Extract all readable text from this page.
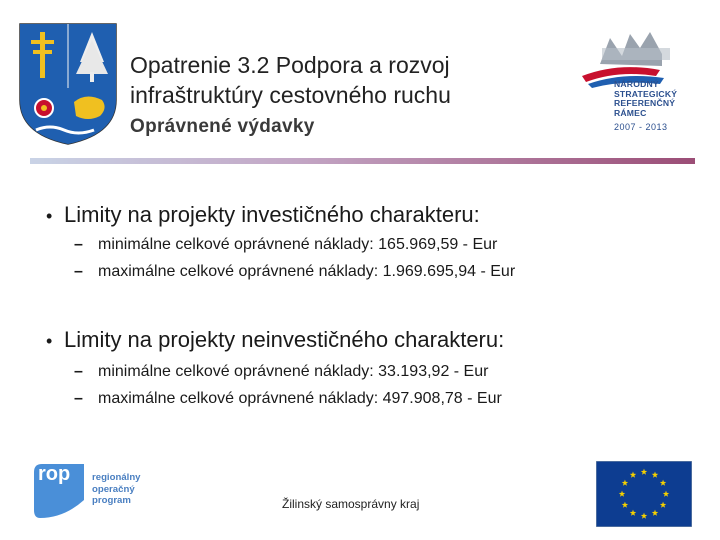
Opatrenie 3.2 Podpora a rozvoj
infraštruktúry cestovného ruchu
Oprávnené výdavky
NÁRODNÝ
STRATEGICKÝ
REFERENČNÝ
RÁMEC
2007 - 2013
• Limity na projekty investičného charakteru:
– minimálne celkové oprávnené náklady: 165.969,59 - Eur
– maximálne celkové oprávnené náklady: 1.969.695,94 - Eur
• Limity na projekty neinvestičného charakteru:
– minimálne celkové oprávnené náklady: 33.193,92 - Eur
– maximálne celkové oprávnené náklady: 497.908,78 - Eur
rop regionálny
operačný
program	Žilinský samosprávny kraj
